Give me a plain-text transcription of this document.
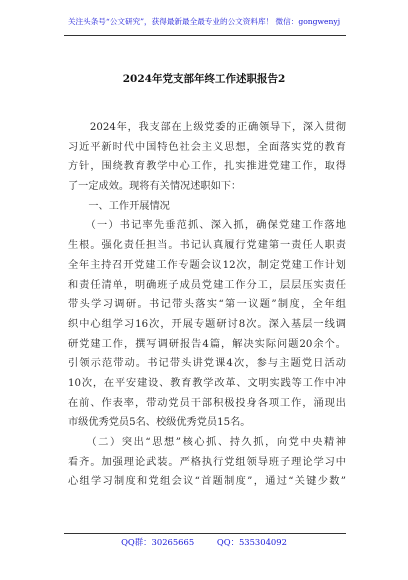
关注头条号“公文研究”，获得最新最全最专业的公文资料库！ 微信：gongwenyj
2024年党支部年终工作述职报告2
　　2024年，我支部在上级党委的正确领导下，深入贯彻
习近平新时代中国特色社会主义思想，全面落实党的教育
方针，围绕教育教学中心工作，扎实推进党建工作，取得
了一定成效。现将有关情况述职如下：
　　一、工作开展情况
　　（一）书记率先垂范抓、深入抓，确保党建工作落地
生根。强化责任担当。书记认真履行党建第一责任人职责
全年主持召开党建工作专题会议12次，制定党建工作计划
和责任清单，明确班子成员党建工作分工，层层压实责任
带头学习调研。书记带头落实“第一议题”制度，全年组
织中心组学习16次，开展专题研讨8次。深入基层一线调
研党建工作，撰写调研报告4篇，解决实际问题20余个。
引领示范带动。书记带头讲党课4次，参与主题党日活动
10次，在平安建设、教育教学改革、文明实践等工作中冲
在前、作表率，带动党员干部积极投身各项工作，涌现出
市级优秀党员5名、校级优秀党员15名。
　　（二）突出“思想”核心抓、持久抓，向党中央精神
看齐。加强理论武装。严格执行党组领导班子理论学习中
心组学习制度和党组会议“首题制度”，通过“关键少数”
QQ群：30265665	QQ：535304092
